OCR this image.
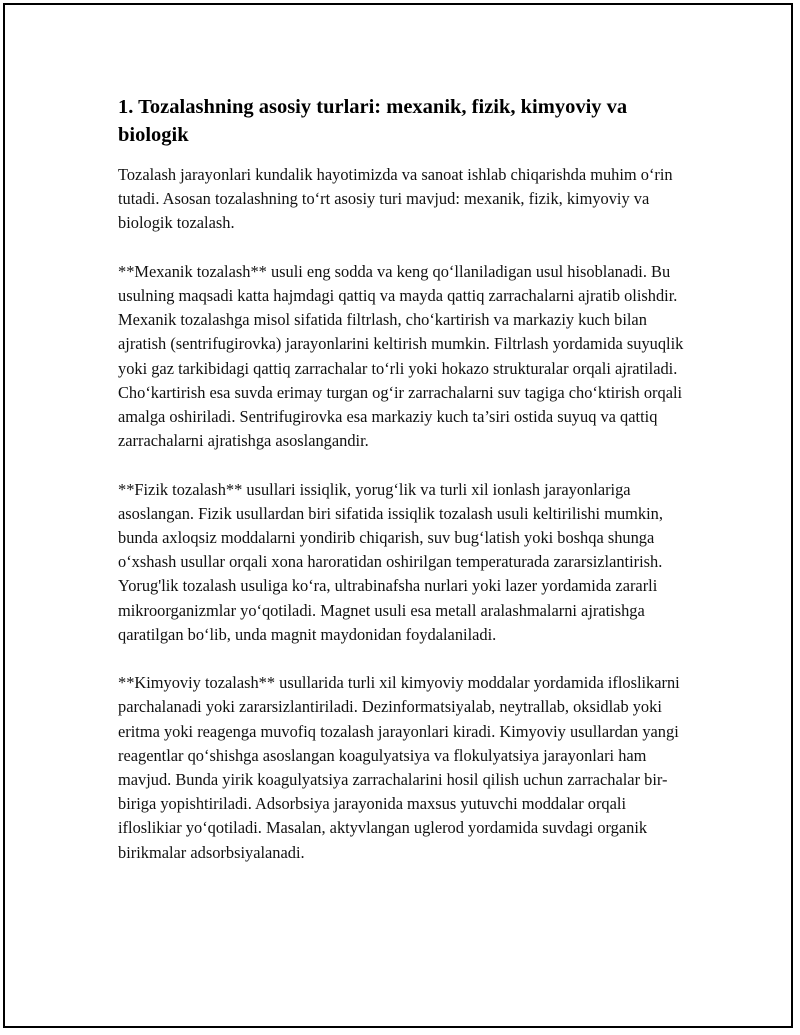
1. Tozalashning asosiy turlari: mexanik, fizik, kimyoviy va biologik

Tozalash jarayonlari kundalik hayotimizda va sanoat ishlab chiqarishda muhim o‘rin tutadi. Asosan tozalashning to‘rt asosiy turi mavjud: mexanik, fizik, kimyoviy va biologik tozalash.

**Mexanik tozalash** usuli eng sodda va keng qo‘llaniladigan usul hisoblanadi. Bu usulning maqsadi katta hajmdagi qattiq va mayda qattiq zarrachalarni ajratib olishdir. Mexanik tozalashga misol sifatida filtrlash, cho‘kartirish va markaziy kuch bilan ajratish (sentrifugirovka) jarayonlarini keltirish mumkin. Filtrlash yordamida suyuqlik yoki gaz tarkibidagi qattiq zarrachalar to‘rli yoki hokazo strukturalar orqali ajratiladi. Cho‘kartirish esa suvda erimay turgan og‘ir zarrachalarni suv tagiga cho‘ktirish orqali amalga oshiriladi. Sentrifugirovka esa markaziy kuch ta’siri ostida suyuq va qattiq zarrachalarni ajratishga asoslangandir.

**Fizik tozalash** usullari issiqlik, yorug‘lik va turli xil ionlash jarayonlariga asoslangan. Fizik usullardan biri sifatida issiqlik tozalash usuli keltirilishi mumkin, bunda axloqsiz moddalarni yondirib chiqarish, suv bug‘latish yoki boshqa shunga o‘xshash usullar orqali xona haroratidan oshirilgan temperaturada zararsizlantirish. Yorug'lik tozalash usuliga ko‘ra, ultrabinafsha nurlari yoki lazer yordamida zararli mikroorganizmlar yo‘qotiladi. Magnet usuli esa metall aralashmalarni ajratishga qaratilgan bo‘lib, unda magnit maydonidan foydalaniladi.

**Kimyoviy tozalash** usullarida turli xil kimyoviy moddalar yordamida ifloslikarni parchalanadi yoki zararsizlantiriladi. Dezinformatsiyalab, neytrallab, oksidlab yoki eritma yoki reagenga muvofiq tozalash jarayonlari kiradi. Kimyoviy usullardan yangi reagentlar qo‘shishga asoslangan koagulyatsiya va flokulyatsiya jarayonlari ham mavjud. Bunda yirik koagulyatsiya zarrachalarini hosil qilish uchun zarrachalar bir-biriga yopishtiriladi. Adsorbsiya jarayonida maxsus yutuvchi moddalar orqali ifloslikiar yo‘qotiladi. Masalan, aktyvlangan uglerod yordamida suvdagi organik birikmalar adsorbsiyalanadi.
